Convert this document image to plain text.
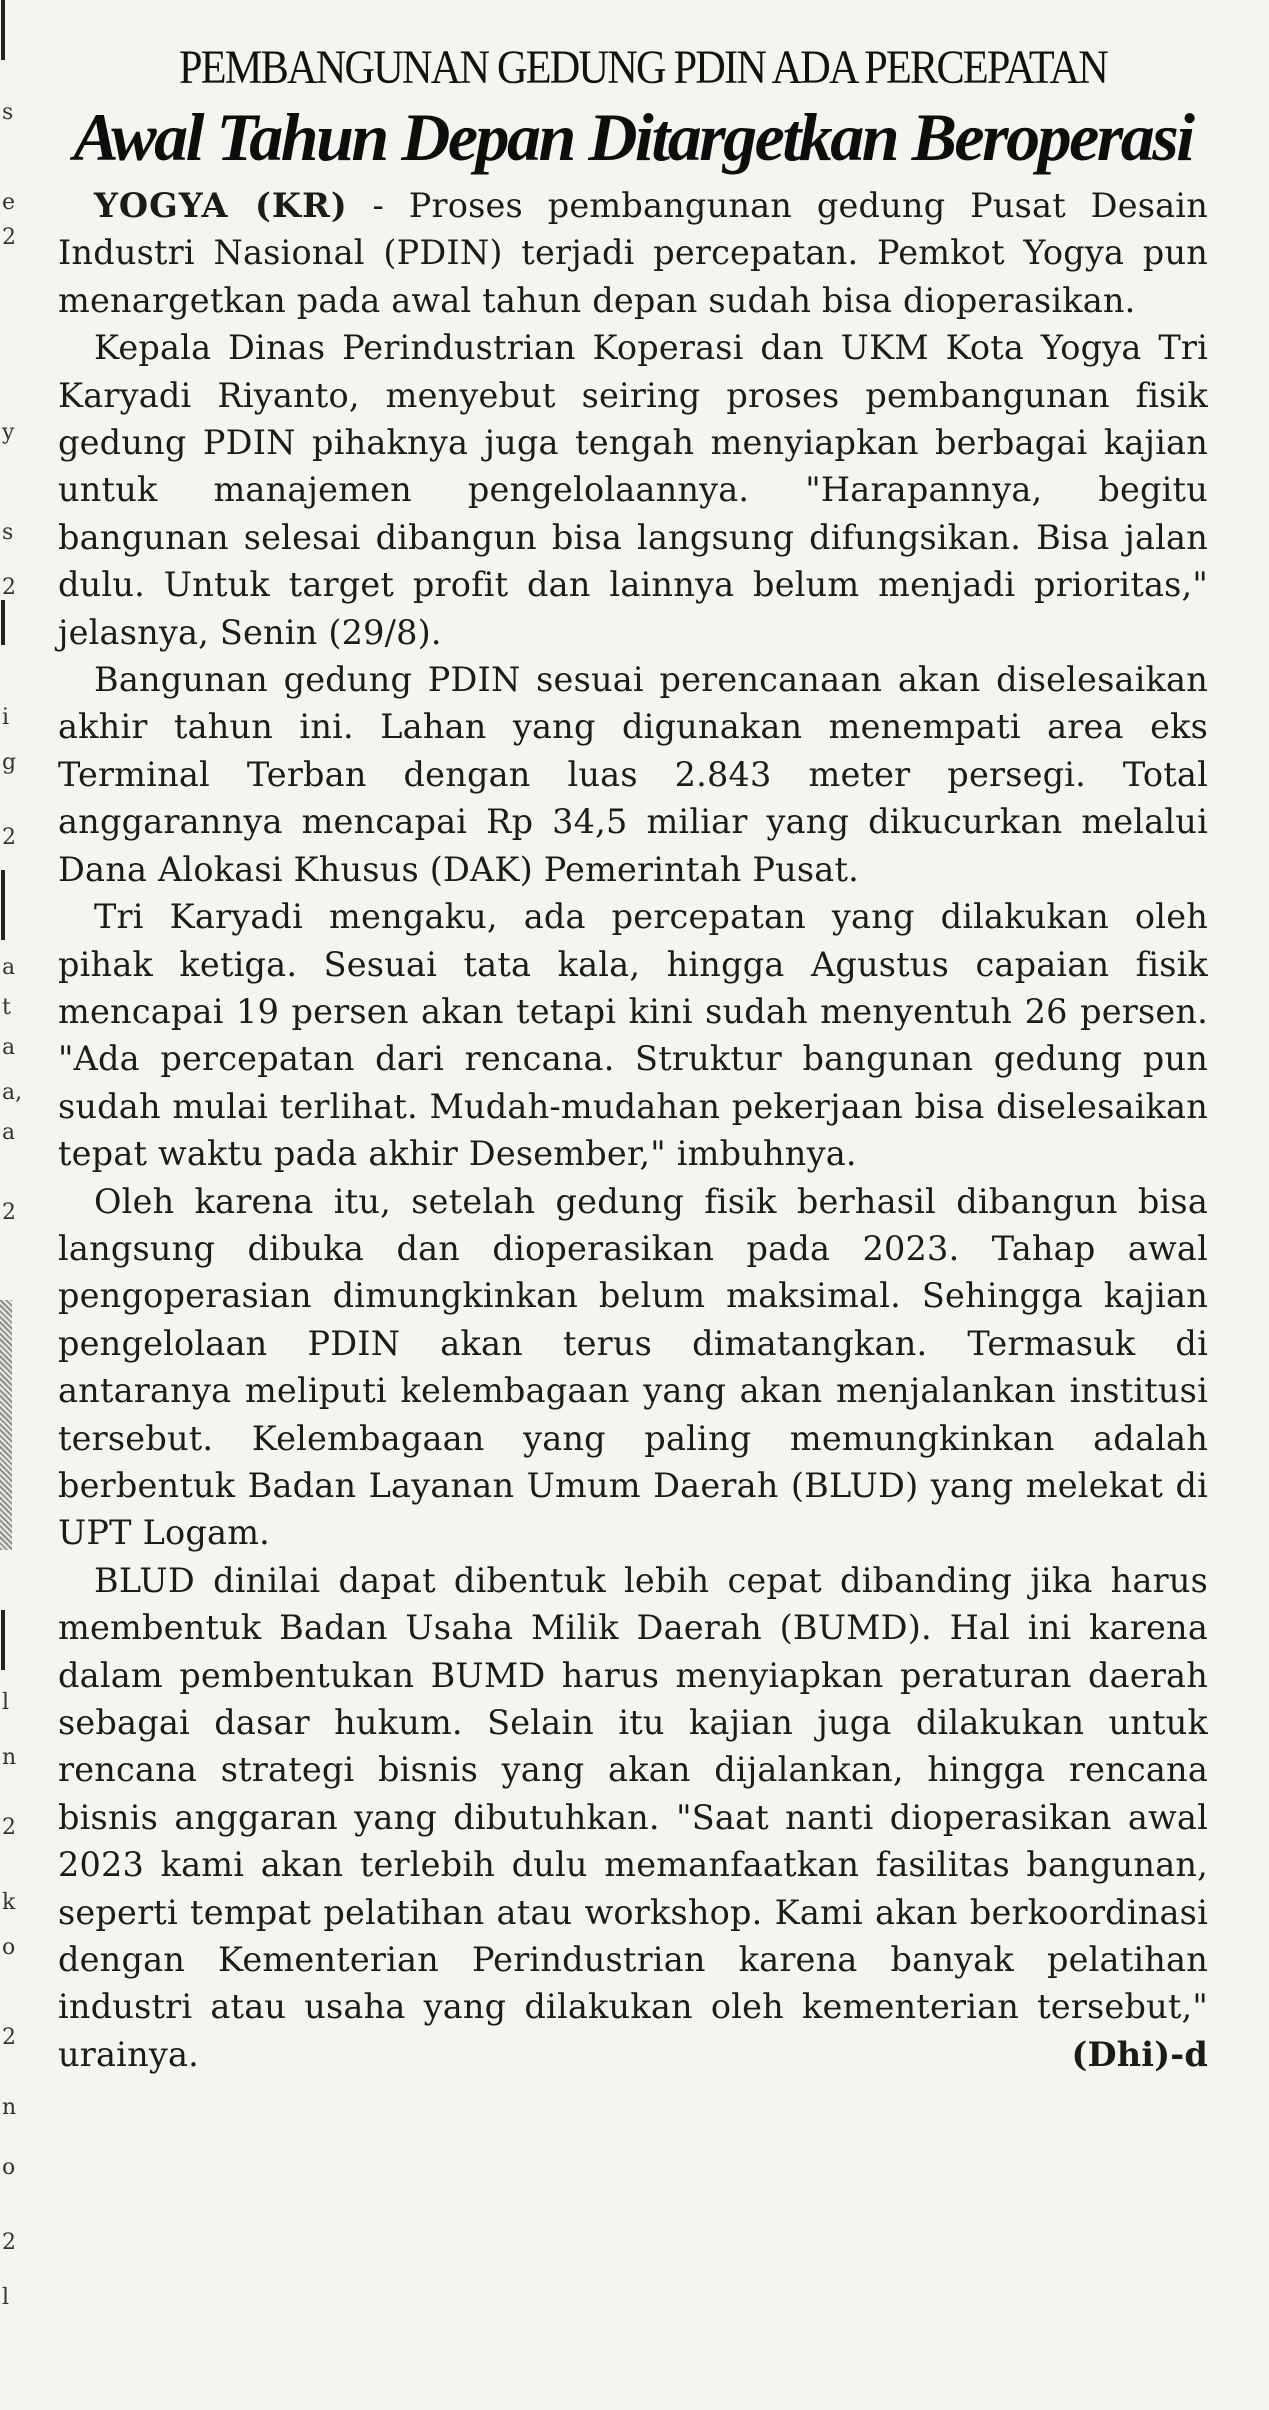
s
e
2
y
s
2
i
g
2
a
t
a
a,
a
2
l
n
2
k
o
2
n
o
2
l
PEMBANGUNAN GEDUNG PDIN ADA PERCEPATAN
Awal Tahun Depan Ditargetkan Beroperasi

YOGYA (KR) - Proses pembangunan gedung Pusat Desain Industri Nasional (PDIN) terjadi percepatan. Pemkot Yogya pun menargetkan pada awal tahun depan sudah bisa dioperasikan.

Kepala Dinas Perindustrian Koperasi dan UKM Kota Yogya Tri Karyadi Riyanto, menyebut seiring proses pembangunan fisik gedung PDIN pihaknya juga tengah menyiapkan berbagai kajian untuk manajemen pengelolaannya. "Harapannya, begitu bangunan selesai dibangun bisa langsung difungsikan. Bisa jalan dulu. Untuk target profit dan lainnya belum menjadi prioritas," jelasnya, Senin (29/8).

Bangunan gedung PDIN sesuai perencanaan akan diselesaikan akhir tahun ini. Lahan yang digunakan menempati area eks Terminal Terban dengan luas 2.843 meter persegi. Total anggarannya mencapai Rp 34,5 miliar yang dikucurkan melalui Dana Alokasi Khusus (DAK) Pemerintah Pusat.

Tri Karyadi mengaku, ada percepatan yang dilakukan oleh pihak ketiga. Sesuai tata kala, hingga Agustus capaian fisik mencapai 19 persen akan tetapi kini sudah menyentuh 26 persen. "Ada percepatan dari rencana. Struktur bangunan gedung pun sudah mulai terlihat. Mudah-mudahan pekerjaan bisa diselesaikan tepat waktu pada akhir Desember," imbuhnya.

Oleh karena itu, setelah gedung fisik berhasil dibangun bisa langsung dibuka dan dioperasikan pada 2023. Tahap awal pengoperasian dimungkinkan belum maksimal. Sehingga kajian pengelolaan PDIN akan terus dimatangkan. Termasuk di antaranya meliputi kelembagaan yang akan menjalankan institusi tersebut. Kelembagaan yang paling memungkinkan adalah berbentuk Badan Layanan Umum Daerah (BLUD) yang melekat di UPT Logam.

BLUD dinilai dapat dibentuk lebih cepat dibanding jika harus membentuk Badan Usaha Milik Daerah (BUMD). Hal ini karena dalam pembentukan BUMD harus menyiapkan peraturan daerah sebagai dasar hukum. Selain itu kajian juga dilakukan untuk rencana strategi bisnis yang akan dijalankan, hingga rencana bisnis anggaran yang dibutuhkan. "Saat nanti dioperasikan awal 2023 kami akan terlebih dulu memanfaatkan fasilitas bangunan, seperti tempat pelatihan atau workshop. Kami akan berkoordinasi dengan Kementerian Perindustrian karena banyak pelatihan industri atau usaha yang dilakukan oleh kementerian tersebut," urainya.	(Dhi)-d
